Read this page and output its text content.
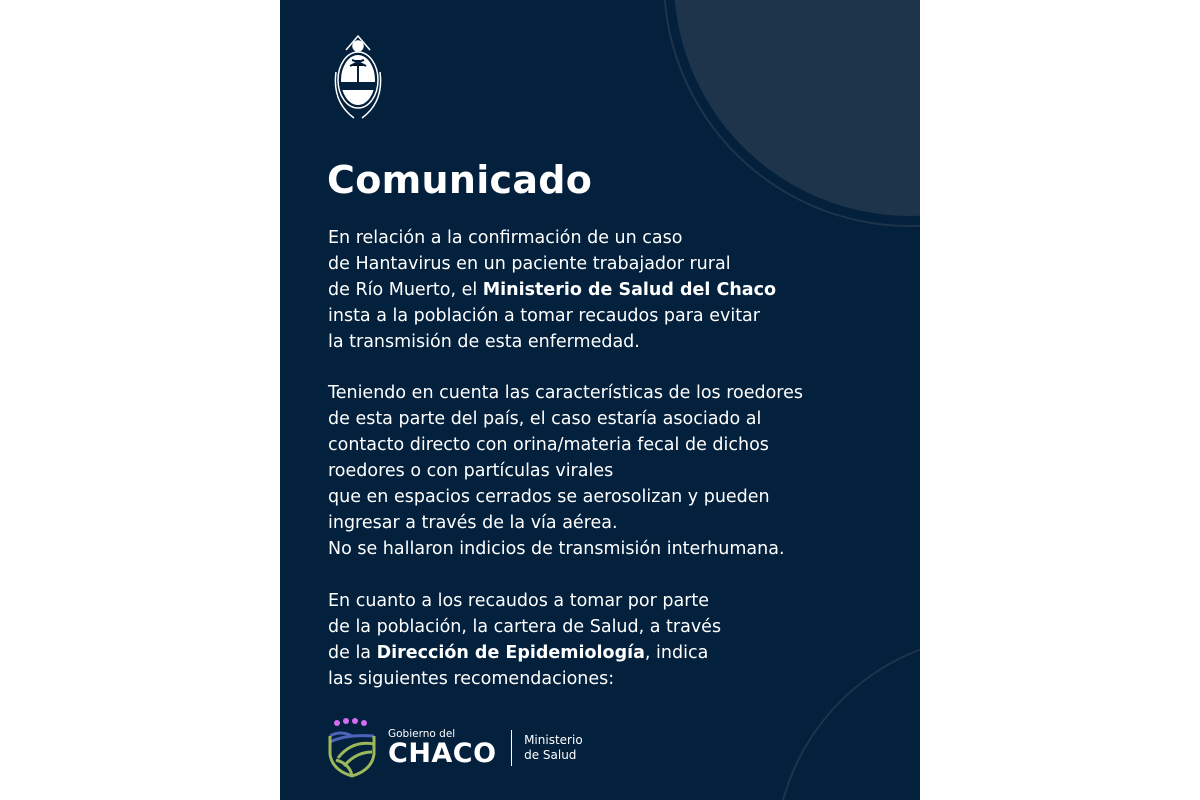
Comunicado
En relación a la confirmación de un caso
de Hantavirus en un paciente trabajador rural
de Río Muerto, el Ministerio de Salud del Chaco
insta a la población a tomar recaudos para evitar
la transmisión de esta enfermedad.
Teniendo en cuenta las características de los roedores
de esta parte del país, el caso estaría asociado al
contacto directo con orina/materia fecal de dichos
roedores o con partículas virales
que en espacios cerrados se aerosolizan y pueden
ingresar a través de la vía aérea.
No se hallaron indicios de transmisión interhumana.
En cuanto a los recaudos a tomar por parte
de la población, la cartera de Salud, a través
de la Dirección de Epidemiología, indica
las siguientes recomendaciones:
Gobierno del
CHACO Ministerio
de Salud
